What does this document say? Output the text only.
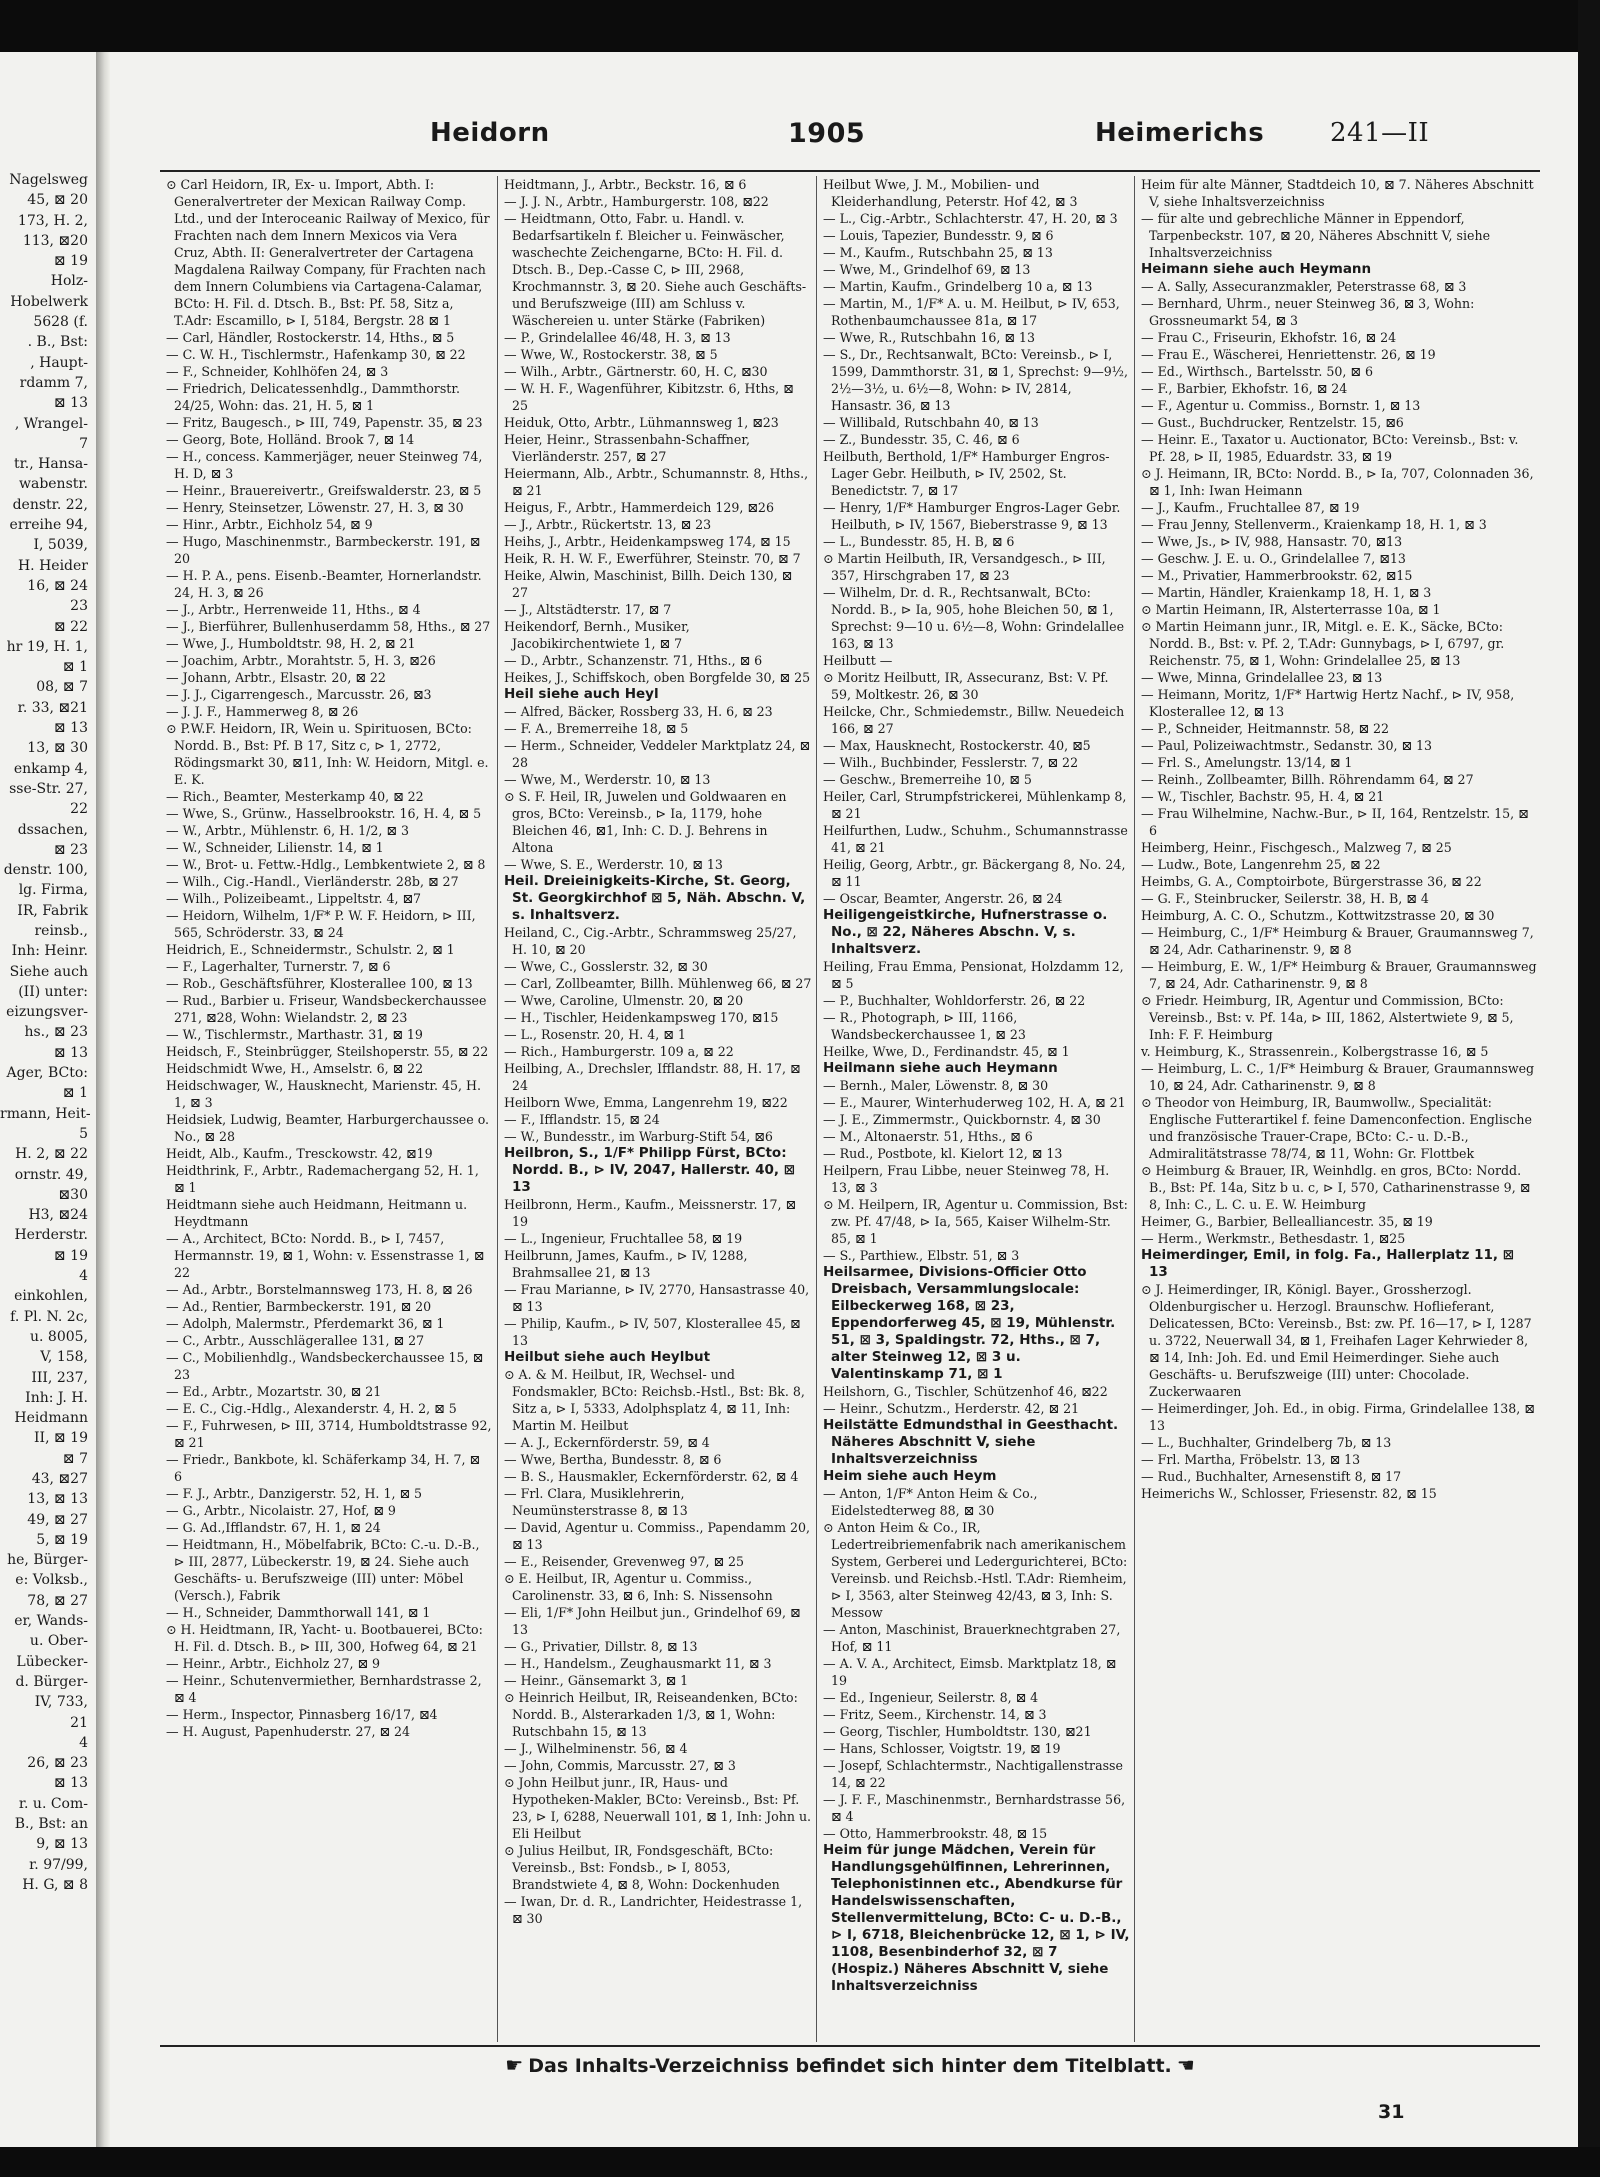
Nagelsweg
45, ⊠ 20
173, H. 2,
113, ⊠20
⊠ 19
Holz-
Hobelwerk
5628 (f.
. B., Bst:
, Haupt-
rdamm 7,
⊠ 13
, Wrangel-
7
tr., Hansa-
wabenstr.
denstr. 22,
erreihe 94,
I, 5039,
H. Heider
16, ⊠ 24
23
⊠ 22
hr 19, H. 1,
⊠ 1
08, ⊠ 7
r. 33, ⊠21
⊠ 13
13, ⊠ 30
enkamp 4,
sse-Str. 27,
22
dssachen,
⊠ 23
denstr. 100,
lg. Firma,
IR, Fabrik
reinsb.,
Inh: Heinr.
Siehe auch
(II) unter:
eizungsver-
hs., ⊠ 23
⊠ 13
Ager, BCto:
⊠ 1
rmann, Heit-
5
H. 2, ⊠ 22
ornstr. 49,
⊠30
H3, ⊠24
Herderstr.
⊠ 19
4
einkohlen,
f. Pl. N. 2c,
u. 8005,
V, 158,
III, 237,
Inh: J. H.
Heidmann
II, ⊠ 19
⊠ 7
43, ⊠27
13, ⊠ 13
49, ⊠ 27
5, ⊠ 19
he, Bürger-
e: Volksb.,
78, ⊠ 27
er, Wands-
u. Ober-
Lübecker-
d. Bürger-
IV, 733,
21
4
26, ⊠ 23
⊠ 13
r. u. Com-
B., Bst: an
9, ⊠ 13
r. 97/99,
H. G, ⊠ 8
Heidorn	1905	Heimerichs	241—II
⊙ Carl Heidorn, IR, Ex- u. Import, Abth. I: Generalvertreter der Mexican Railway Comp. Ltd., und der Interoceanic Railway of Mexico, für Frachten nach dem Innern Mexicos via Vera Cruz, Abth. II: Generalvertreter der Cartagena Magdalena Railway Company, für Frachten nach dem Innern Columbiens via Cartagena-Calamar, BCto: H. Fil. d. Dtsch. B., Bst: Pf. 58, Sitz a, T.Adr: Escamillo, ⊳ I, 5184, Bergstr. 28 ⊠ 1
— Carl, Händler, Rostockerstr. 14, Hths., ⊠ 5
— C. W. H., Tischlermstr., Hafenkamp 30, ⊠ 22
— F., Schneider, Kohlhöfen 24, ⊠ 3
— Friedrich, Delicatessenhdlg., Dammthorstr. 24/25, Wohn: das. 21, H. 5, ⊠ 1
— Fritz, Baugesch., ⊳ III, 749, Papenstr. 35, ⊠ 23
— Georg, Bote, Holländ. Brook 7, ⊠ 14
— H., concess. Kammerjäger, neuer Steinweg 74, H. D, ⊠ 3
— Heinr., Brauereivertr., Greifswalderstr. 23, ⊠ 5
— Henry, Steinsetzer, Löwenstr. 27, H. 3, ⊠ 30
— Hinr., Arbtr., Eichholz 54, ⊠ 9
— Hugo, Maschinenmstr., Barmbeckerstr. 191, ⊠ 20
— H. P. A., pens. Eisenb.-Beamter, Hornerlandstr. 24, H. 3, ⊠ 26
— J., Arbtr., Herrenweide 11, Hths., ⊠ 4
— J., Bierführer, Bullenhuserdamm 58, Hths., ⊠ 27
— Wwe, J., Humboldtstr. 98, H. 2, ⊠ 21
— Joachim, Arbtr., Morahtstr. 5, H. 3, ⊠26
— Johann, Arbtr., Elsastr. 20, ⊠ 22
— J. J., Cigarrengesch., Marcusstr. 26, ⊠3
— J. J. F., Hammerweg 8, ⊠ 26
⊙ P.W.F. Heidorn, IR, Wein u. Spirituosen, BCto: Nordd. B., Bst: Pf. B 17, Sitz c, ⊳ 1, 2772, Rödingsmarkt 30, ⊠11, Inh: W. Heidorn, Mitgl. e. E. K.
— Rich., Beamter, Mesterkamp 40, ⊠ 22
— Wwe, S., Grünw., Hasselbrookstr. 16, H. 4, ⊠ 5
— W., Arbtr., Mühlenstr. 6, H. 1/2, ⊠ 3
— W., Schneider, Lilienstr. 14, ⊠ 1
— W., Brot- u. Fettw.-Hdlg., Lembkentwiete 2, ⊠ 8
— Wilh., Cig.-Handl., Vierländerstr. 28b, ⊠ 27
— Wilh., Polizeibeamt., Lippeltstr. 4, ⊠7
— Heidorn, Wilhelm, 1/F* P. W. F. Heidorn, ⊳ III, 565, Schröderstr. 33, ⊠ 24
Heidrich, E., Schneidermstr., Schulstr. 2, ⊠ 1
— F., Lagerhalter, Turnerstr. 7, ⊠ 6
— Rob., Geschäftsführer, Klosterallee 100, ⊠ 13
— Rud., Barbier u. Friseur, Wandsbeckerchaussee 271, ⊠28, Wohn: Wielandstr. 2, ⊠ 23
— W., Tischlermstr., Marthastr. 31, ⊠ 19
Heidsch, F., Steinbrügger, Steilshoperstr. 55, ⊠ 22
Heidschmidt Wwe, H., Amselstr. 6, ⊠ 22
Heidschwager, W., Hausknecht, Marienstr. 45, H. 1, ⊠ 3
Heidsiek, Ludwig, Beamter, Harburgerchaussee o. No., ⊠ 28
Heidt, Alb., Kaufm., Tresckowstr. 42, ⊠19
Heidthrink, F., Arbtr., Rademachergang 52, H. 1, ⊠ 1
Heidtmann siehe auch Heidmann, Heitmann u. Heydtmann
— A., Architect, BCto: Nordd. B., ⊳ I, 7457, Hermannstr. 19, ⊠ 1, Wohn: v. Essenstrasse 1, ⊠ 22
— Ad., Arbtr., Borstelmannsweg 173, H. 8, ⊠ 26
— Ad., Rentier, Barmbeckerstr. 191, ⊠ 20
— Adolph, Malermstr., Pferdemarkt 36, ⊠ 1
— C., Arbtr., Ausschlägerallee 131, ⊠ 27
— C., Mobilienhdlg., Wandsbeckerchaussee 15, ⊠ 23
— Ed., Arbtr., Mozartstr. 30, ⊠ 21
— E. C., Cig.-Hdlg., Alexanderstr. 4, H. 2, ⊠ 5
— F., Fuhrwesen, ⊳ III, 3714, Humboldtstrasse 92, ⊠ 21
— Friedr., Bankbote, kl. Schäferkamp 34, H. 7, ⊠ 6
— F. J., Arbtr., Danzigerstr. 52, H. 1, ⊠ 5
— G., Arbtr., Nicolaistr. 27, Hof, ⊠ 9
— G. Ad.,Ifflandstr. 67, H. 1, ⊠ 24
— Heidtmann, H., Möbelfabrik, BCto: C.-u. D.-B., ⊳ III, 2877, Lübeckerstr. 19, ⊠ 24. Siehe auch Geschäfts- u. Berufszweige (III) unter: Möbel (Versch.), Fabrik
— H., Schneider, Dammthorwall 141, ⊠ 1
⊙ H. Heidtmann, IR, Yacht- u. Bootbauerei, BCto: H. Fil. d. Dtsch. B., ⊳ III, 300, Hofweg 64, ⊠ 21
— Heinr., Arbtr., Eichholz 27, ⊠ 9
— Heinr., Schutenvermiether, Bernhardstrasse 2, ⊠ 4
— Herm., Inspector, Pinnasberg 16/17, ⊠4
— H. August, Papenhuderstr. 27, ⊠ 24
Heidtmann, J., Arbtr., Beckstr. 16, ⊠ 6
— J. J. N., Arbtr., Hamburgerstr. 108, ⊠22
— Heidtmann, Otto, Fabr. u. Handl. v. Bedarfsartikeln f. Bleicher u. Feinwäscher, waschechte Zeichengarne, BCto: H. Fil. d. Dtsch. B., Dep.-Casse C, ⊳ III, 2968, Krochmannstr. 3, ⊠ 20. Siehe auch Geschäfts- und Berufszweige (III) am Schluss v. Wäschereien u. unter Stärke (Fabriken)
— P., Grindelallee 46/48, H. 3, ⊠ 13
— Wwe, W., Rostockerstr. 38, ⊠ 5
— Wilh., Arbtr., Gärtnerstr. 60, H. C, ⊠30
— W. H. F., Wagenführer, Kibitzstr. 6, Hths, ⊠ 25
Heiduk, Otto, Arbtr., Lühmannsweg 1, ⊠23
Heier, Heinr., Strassenbahn-Schaffner, Vierländerstr. 257, ⊠ 27
Heiermann, Alb., Arbtr., Schumannstr. 8, Hths., ⊠ 21
Heigus, F., Arbtr., Hammerdeich 129, ⊠26
— J., Arbtr., Rückertstr. 13, ⊠ 23
Heihs, J., Arbtr., Heidenkampsweg 174, ⊠ 15
Heik, R. H. W. F., Ewerführer, Steinstr. 70, ⊠ 7
Heike, Alwin, Maschinist, Billh. Deich 130, ⊠ 27
— J., Altstädterstr. 17, ⊠ 7
Heikendorf, Bernh., Musiker, Jacobikirchentwiete 1, ⊠ 7
— D., Arbtr., Schanzenstr. 71, Hths., ⊠ 6
Heikes, J., Schiffskoch, oben Borgfelde 30, ⊠ 25
Heil siehe auch Heyl
— Alfred, Bäcker, Rossberg 33, H. 6, ⊠ 23
— F. A., Bremerreihe 18, ⊠ 5
— Herm., Schneider, Veddeler Marktplatz 24, ⊠ 28
— Wwe, M., Werderstr. 10, ⊠ 13
⊙ S. F. Heil, IR, Juwelen und Goldwaaren en gros, BCto: Vereinsb., ⊳ Ia, 1179, hohe Bleichen 46, ⊠1, Inh: C. D. J. Behrens in Altona
— Wwe, S. E., Werderstr. 10, ⊠ 13
Heil. Dreieinigkeits-Kirche, St. Georg, St. Georgkirchhof ⊠ 5, Näh. Abschn. V, s. Inhaltsverz.
Heiland, C., Cig.-Arbtr., Schrammsweg 25/27, H. 10, ⊠ 20
— Wwe, C., Gosslerstr. 32, ⊠ 30
— Carl, Zollbeamter, Billh. Mühlenweg 66, ⊠ 27
— Wwe, Caroline, Ulmenstr. 20, ⊠ 20
— H., Tischler, Heidenkampsweg 170, ⊠15
— L., Rosenstr. 20, H. 4, ⊠ 1
— Rich., Hamburgerstr. 109 a, ⊠ 22
Heilbing, A., Drechsler, Ifflandstr. 88, H. 17, ⊠ 24
Heilborn Wwe, Emma, Langenrehm 19, ⊠22
— F., Ifflandstr. 15, ⊠ 24
— W., Bundesstr., im Warburg-Stift 54, ⊠6
Heilbron, S., 1/F* Philipp Fürst, BCto: Nordd. B., ⊳ IV, 2047, Hallerstr. 40, ⊠ 13
Heilbronn, Herm., Kaufm., Meissnerstr. 17, ⊠ 19
— L., Ingenieur, Fruchtallee 58, ⊠ 19
Heilbrunn, James, Kaufm., ⊳ IV, 1288, Brahmsallee 21, ⊠ 13
— Frau Marianne, ⊳ IV, 2770, Hansastrasse 40, ⊠ 13
— Philip, Kaufm., ⊳ IV, 507, Klosterallee 45, ⊠ 13
Heilbut siehe auch Heylbut
⊙ A. & M. Heilbut, IR, Wechsel- und Fondsmakler, BCto: Reichsb.-Hstl., Bst: Bk. 8, Sitz a, ⊳ I, 5333, Adolphsplatz 4, ⊠ 11, Inh: Martin M. Heilbut
— A. J., Eckernförderstr. 59, ⊠ 4
— Wwe, Bertha, Bundesstr. 8, ⊠ 6
— B. S., Hausmakler, Eckernförderstr. 62, ⊠ 4
— Frl. Clara, Musiklehrerin, Neumünsterstrasse 8, ⊠ 13
— David, Agentur u. Commiss., Papendamm 20, ⊠ 13
— E., Reisender, Grevenweg 97, ⊠ 25
⊙ E. Heilbut, IR, Agentur u. Commiss., Carolinenstr. 33, ⊠ 6, Inh: S. Nissensohn
— Eli, 1/F* John Heilbut jun., Grindelhof 69, ⊠ 13
— G., Privatier, Dillstr. 8, ⊠ 13
— H., Handelsm., Zeughausmarkt 11, ⊠ 3
— Heinr., Gänsemarkt 3, ⊠ 1
⊙ Heinrich Heilbut, IR, Reiseandenken, BCto: Nordd. B., Alsterarkaden 1/3, ⊠ 1, Wohn: Rutschbahn 15, ⊠ 13
— J., Wilhelminenstr. 56, ⊠ 4
— John, Commis, Marcusstr. 27, ⊠ 3
⊙ John Heilbut junr., IR, Haus- und Hypotheken-Makler, BCto: Vereinsb., Bst: Pf. 23, ⊳ I, 6288, Neuerwall 101, ⊠ 1, Inh: John u. Eli Heilbut
⊙ Julius Heilbut, IR, Fondsgeschäft, BCto: Vereinsb., Bst: Fondsb., ⊳ I, 8053, Brandstwiete 4, ⊠ 8, Wohn: Dockenhuden
— Iwan, Dr. d. R., Landrichter, Heidestrasse 1, ⊠ 30
Heilbut Wwe, J. M., Mobilien- und Kleiderhandlung, Peterstr. Hof 42, ⊠ 3
— L., Cig.-Arbtr., Schlachterstr. 47, H. 20, ⊠ 3
— Louis, Tapezier, Bundesstr. 9, ⊠ 6
— M., Kaufm., Rutschbahn 25, ⊠ 13
— Wwe, M., Grindelhof 69, ⊠ 13
— Martin, Kaufm., Grindelberg 10 a, ⊠ 13
— Martin, M., 1/F* A. u. M. Heilbut, ⊳ IV, 653, Rothenbaumchaussee 81a, ⊠ 17
— Wwe, R., Rutschbahn 16, ⊠ 13
— S., Dr., Rechtsanwalt, BCto: Vereinsb., ⊳ I, 1599, Dammthorstr. 31, ⊠ 1, Sprechst: 9—9½, 2½—3½, u. 6½—8, Wohn: ⊳ IV, 2814, Hansastr. 36, ⊠ 13
— Willibald, Rutschbahn 40, ⊠ 13
— Z., Bundesstr. 35, C. 46, ⊠ 6
Heilbuth, Berthold, 1/F* Hamburger Engros-Lager Gebr. Heilbuth, ⊳ IV, 2502, St. Benedictstr. 7, ⊠ 17
— Henry, 1/F* Hamburger Engros-Lager Gebr. Heilbuth, ⊳ IV, 1567, Bieberstrasse 9, ⊠ 13
— L., Bundesstr. 85, H. B, ⊠ 6
⊙ Martin Heilbuth, IR, Versandgesch., ⊳ III, 357, Hirschgraben 17, ⊠ 23
— Wilhelm, Dr. d. R., Rechtsanwalt, BCto: Nordd. B., ⊳ Ia, 905, hohe Bleichen 50, ⊠ 1, Sprechst: 9—10 u. 6½—8, Wohn: Grindelallee 163, ⊠ 13
Heilbutt —
⊙ Moritz Heilbutt, IR, Assecuranz, Bst: V. Pf. 59, Moltkestr. 26, ⊠ 30
Heilcke, Chr., Schmiedemstr., Billw. Neuedeich 166, ⊠ 27
— Max, Hausknecht, Rostockerstr. 40, ⊠5
— Wilh., Buchbinder, Fesslerstr. 7, ⊠ 22
— Geschw., Bremerreihe 10, ⊠ 5
Heiler, Carl, Strumpfstrickerei, Mühlenkamp 8, ⊠ 21
Heilfurthen, Ludw., Schuhm., Schumannstrasse 41, ⊠ 21
Heilig, Georg, Arbtr., gr. Bäckergang 8, No. 24, ⊠ 11
— Oscar, Beamter, Angerstr. 26, ⊠ 24
Heiligengeistkirche, Hufnerstrasse o. No., ⊠ 22, Näheres Abschn. V, s. Inhaltsverz.
Heiling, Frau Emma, Pensionat, Holzdamm 12, ⊠ 5
— P., Buchhalter, Wohldorferstr. 26, ⊠ 22
— R., Photograph, ⊳ III, 1166, Wandsbeckerchaussee 1, ⊠ 23
Heilke, Wwe, D., Ferdinandstr. 45, ⊠ 1
Heilmann siehe auch Heymann
— Bernh., Maler, Löwenstr. 8, ⊠ 30
— E., Maurer, Winterhuderweg 102, H. A, ⊠ 21
— J. E., Zimmermstr., Quickbornstr. 4, ⊠ 30
— M., Altonaerstr. 51, Hths., ⊠ 6
— Rud., Postbote, kl. Kielort 12, ⊠ 13
Heilpern, Frau Libbe, neuer Steinweg 78, H. 13, ⊠ 3
⊙ M. Heilpern, IR, Agentur u. Commission, Bst: zw. Pf. 47/48, ⊳ Ia, 565, Kaiser Wilhelm-Str. 85, ⊠ 1
— S., Parthiew., Elbstr. 51, ⊠ 3
Heilsarmee, Divisions-Officier Otto Dreisbach, Versammlungslocale: Eilbeckerweg 168, ⊠ 23, Eppendorferweg 45, ⊠ 19, Mühlenstr. 51, ⊠ 3, Spaldingstr. 72, Hths., ⊠ 7, alter Steinweg 12, ⊠ 3 u. Valentinskamp 71, ⊠ 1
Heilshorn, G., Tischler, Schützenhof 46, ⊠22
— Heinr., Schutzm., Herderstr. 42, ⊠ 21
Heilstätte Edmundsthal in Geesthacht. Näheres Abschnitt V, siehe Inhaltsverzeichniss
Heim siehe auch Heym
— Anton, 1/F* Anton Heim & Co., Eidelstedterweg 88, ⊠ 30
⊙ Anton Heim & Co., IR, Ledertreibriemenfabrik nach amerikanischem System, Gerberei und Ledergurichterei, BCto: Vereinsb. und Reichsb.-Hstl. T.Adr: Riemheim, ⊳ I, 3563, alter Steinweg 42/43, ⊠ 3, Inh: S. Messow
— Anton, Maschinist, Brauerknechtgraben 27, Hof, ⊠ 11
— A. V. A., Architect, Eimsb. Marktplatz 18, ⊠ 19
— Ed., Ingenieur, Seilerstr. 8, ⊠ 4
— Fritz, Seem., Kirchenstr. 14, ⊠ 3
— Georg, Tischler, Humboldtstr. 130, ⊠21
— Hans, Schlosser, Voigtstr. 19, ⊠ 19
— Josepf, Schlachtermstr., Nachtigallenstrasse 14, ⊠ 22
— J. F. F., Maschinenmstr., Bernhardstrasse 56, ⊠ 4
— Otto, Hammerbrookstr. 48, ⊠ 15
Heim für junge Mädchen, Verein für Handlungsgehülfinnen, Lehrerinnen, Telephonistinnen etc., Abendkurse für Handelswissenschaften, Stellenvermittelung, BCto: C- u. D.-B., ⊳ I, 6718, Bleichenbrücke 12, ⊠ 1, ⊳ IV, 1108, Besenbinderhof 32, ⊠ 7 (Hospiz.) Näheres Abschnitt V, siehe Inhaltsverzeichniss
Heim für alte Männer, Stadtdeich 10, ⊠ 7. Näheres Abschnitt V, siehe Inhaltsverzeichniss
— für alte und gebrechliche Männer in Eppendorf, Tarpenbeckstr. 107, ⊠ 20, Näheres Abschnitt V, siehe Inhaltsverzeichniss
Heimann siehe auch Heymann
— A. Sally, Assecuranzmakler, Peterstrasse 68, ⊠ 3
— Bernhard, Uhrm., neuer Steinweg 36, ⊠ 3, Wohn: Grossneumarkt 54, ⊠ 3
— Frau C., Friseurin, Ekhofstr. 16, ⊠ 24
— Frau E., Wäscherei, Henriettenstr. 26, ⊠ 19
— Ed., Wirthsch., Bartelsstr. 50, ⊠ 6
— F., Barbier, Ekhofstr. 16, ⊠ 24
— F., Agentur u. Commiss., Bornstr. 1, ⊠ 13
— Gust., Buchdrucker, Rentzelstr. 15, ⊠6
— Heinr. E., Taxator u. Auctionator, BCto: Vereinsb., Bst: v. Pf. 28, ⊳ II, 1985, Eduardstr. 33, ⊠ 19
⊙ J. Heimann, IR, BCto: Nordd. B., ⊳ Ia, 707, Colonnaden 36, ⊠ 1, Inh: Iwan Heimann
— J., Kaufm., Fruchtallee 87, ⊠ 19
— Frau Jenny, Stellenverm., Kraienkamp 18, H. 1, ⊠ 3
— Wwe, Js., ⊳ IV, 988, Hansastr. 70, ⊠13
— Geschw. J. E. u. O., Grindelallee 7, ⊠13
— M., Privatier, Hammerbrookstr. 62, ⊠15
— Martin, Händler, Kraienkamp 18, H. 1, ⊠ 3
⊙ Martin Heimann, IR, Alsterterrasse 10a, ⊠ 1
⊙ Martin Heimann junr., IR, Mitgl. e. E. K., Säcke, BCto: Nordd. B., Bst: v. Pf. 2, T.Adr: Gunnybags, ⊳ I, 6797, gr. Reichenstr. 75, ⊠ 1, Wohn: Grindelallee 25, ⊠ 13
— Wwe, Minna, Grindelallee 23, ⊠ 13
— Heimann, Moritz, 1/F* Hartwig Hertz Nachf., ⊳ IV, 958, Klosterallee 12, ⊠ 13
— P., Schneider, Heitmannstr. 58, ⊠ 22
— Paul, Polizeiwachtmstr., Sedanstr. 30, ⊠ 13
— Frl. S., Amelungstr. 13/14, ⊠ 1
— Reinh., Zollbeamter, Billh. Röhrendamm 64, ⊠ 27
— W., Tischler, Bachstr. 95, H. 4, ⊠ 21
— Frau Wilhelmine, Nachw.-Bur., ⊳ II, 164, Rentzelstr. 15, ⊠ 6
Heimberg, Heinr., Fischgesch., Malzweg 7, ⊠ 25
— Ludw., Bote, Langenrehm 25, ⊠ 22
Heimbs, G. A., Comptoirbote, Bürgerstrasse 36, ⊠ 22
— G. F., Steinbrucker, Seilerstr. 38, H. B, ⊠ 4
Heimburg, A. C. O., Schutzm., Kottwitzstrasse 20, ⊠ 30
— Heimburg, C., 1/F* Heimburg & Brauer, Graumannsweg 7, ⊠ 24, Adr. Catharinenstr. 9, ⊠ 8
— Heimburg, E. W., 1/F* Heimburg & Brauer, Graumannsweg 7, ⊠ 24, Adr. Catharinenstr. 9, ⊠ 8
⊙ Friedr. Heimburg, IR, Agentur und Commission, BCto: Vereinsb., Bst: v. Pf. 14a, ⊳ III, 1862, Alstertwiete 9, ⊠ 5, Inh: F. F. Heimburg
v. Heimburg, K., Strassenrein., Kolbergstrasse 16, ⊠ 5
— Heimburg, L. C., 1/F* Heimburg & Brauer, Graumannsweg 10, ⊠ 24, Adr. Catharinenstr. 9, ⊠ 8
⊙ Theodor von Heimburg, IR, Baumwollw., Specialität: Englische Futterartikel f. feine Damenconfection. Englische und französische Trauer-Crape, BCto: C.- u. D.-B., Admiralitätstrasse 78/74, ⊠ 11, Wohn: Gr. Flottbek
⊙ Heimburg & Brauer, IR, Weinhdlg. en gros, BCto: Nordd. B., Bst: Pf. 14a, Sitz b u. c, ⊳ I, 570, Catharinenstrasse 9, ⊠ 8, Inh: C., L. C. u. E. W. Heimburg
Heimer, G., Barbier, Bellealliancestr. 35, ⊠ 19
— Herm., Werkmstr., Bethesdastr. 1, ⊠25
Heimerdinger, Emil, in folg. Fa., Hallerplatz 11, ⊠ 13
⊙ J. Heimerdinger, IR, Königl. Bayer., Grossherzogl. Oldenburgischer u. Herzogl. Braunschw. Hoflieferant, Delicatessen, BCto: Vereinsb., Bst: zw. Pf. 16—17, ⊳ I, 1287 u. 3722, Neuerwall 34, ⊠ 1, Freihafen Lager Kehrwieder 8, ⊠ 14, Inh: Joh. Ed. und Emil Heimerdinger. Siehe auch Geschäfts- u. Berufszweige (III) unter: Chocolade. Zuckerwaaren
— Heimerdinger, Joh. Ed., in obig. Firma, Grindelallee 138, ⊠ 13
— L., Buchhalter, Grindelberg 7b, ⊠ 13
— Frl. Martha, Fröbelstr. 13, ⊠ 13
— Rud., Buchhalter, Arnesenstift 8, ⊠ 17
Heimerichs W., Schlosser, Friesenstr. 82, ⊠ 15
☛ Das Inhalts-Verzeichniss befindet sich hinter dem Titelblatt. ☚
31
